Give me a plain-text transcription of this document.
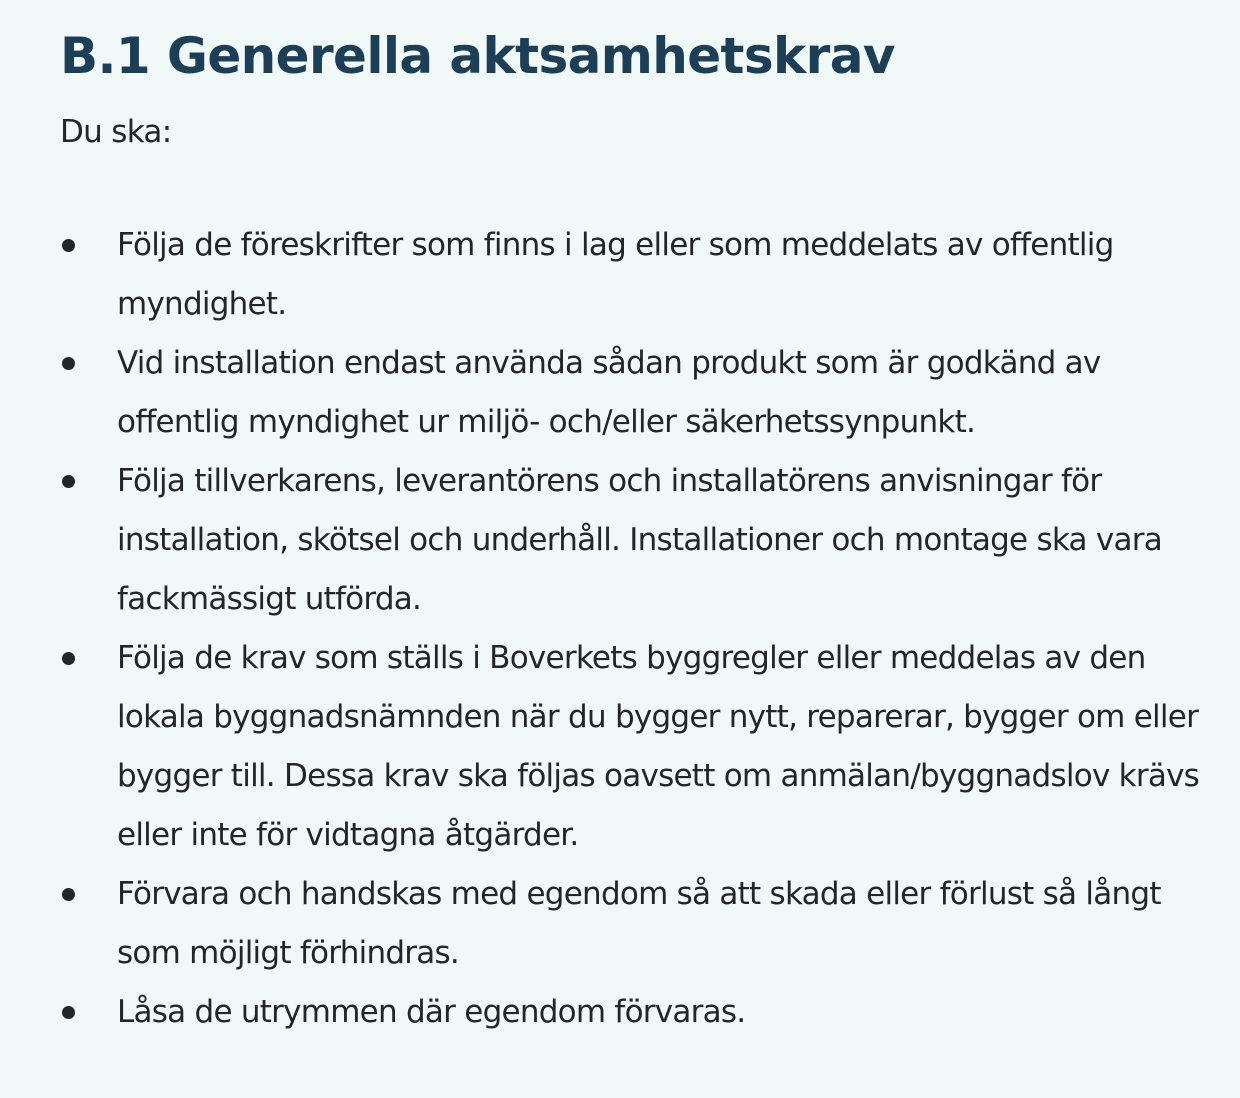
B.1 Generella aktsamhetskrav

Du ska:

Följa de föreskrifter som finns i lag eller som meddelats av offentlig myndighet.
Vid installation endast använda sådan produkt som är godkänd av offentlig myndighet ur miljö- och/eller säkerhetssynpunkt.
Följa tillverkarens, leverantörens och installatörens anvisningar för installation, skötsel och underhåll. Installationer och montage ska vara fackmässigt utförda.
Följa de krav som ställs i Boverkets byggregler eller meddelas av den lokala byggnadsnämnden när du bygger nytt, reparerar, bygger om eller bygger till. Dessa krav ska följas oavsett om anmälan/byggnadslov krävs eller inte för vidtagna åtgärder.
Förvara och handskas med egendom så att skada eller förlust så långt som möjligt förhindras.
Låsa de utrymmen där egendom förvaras.
